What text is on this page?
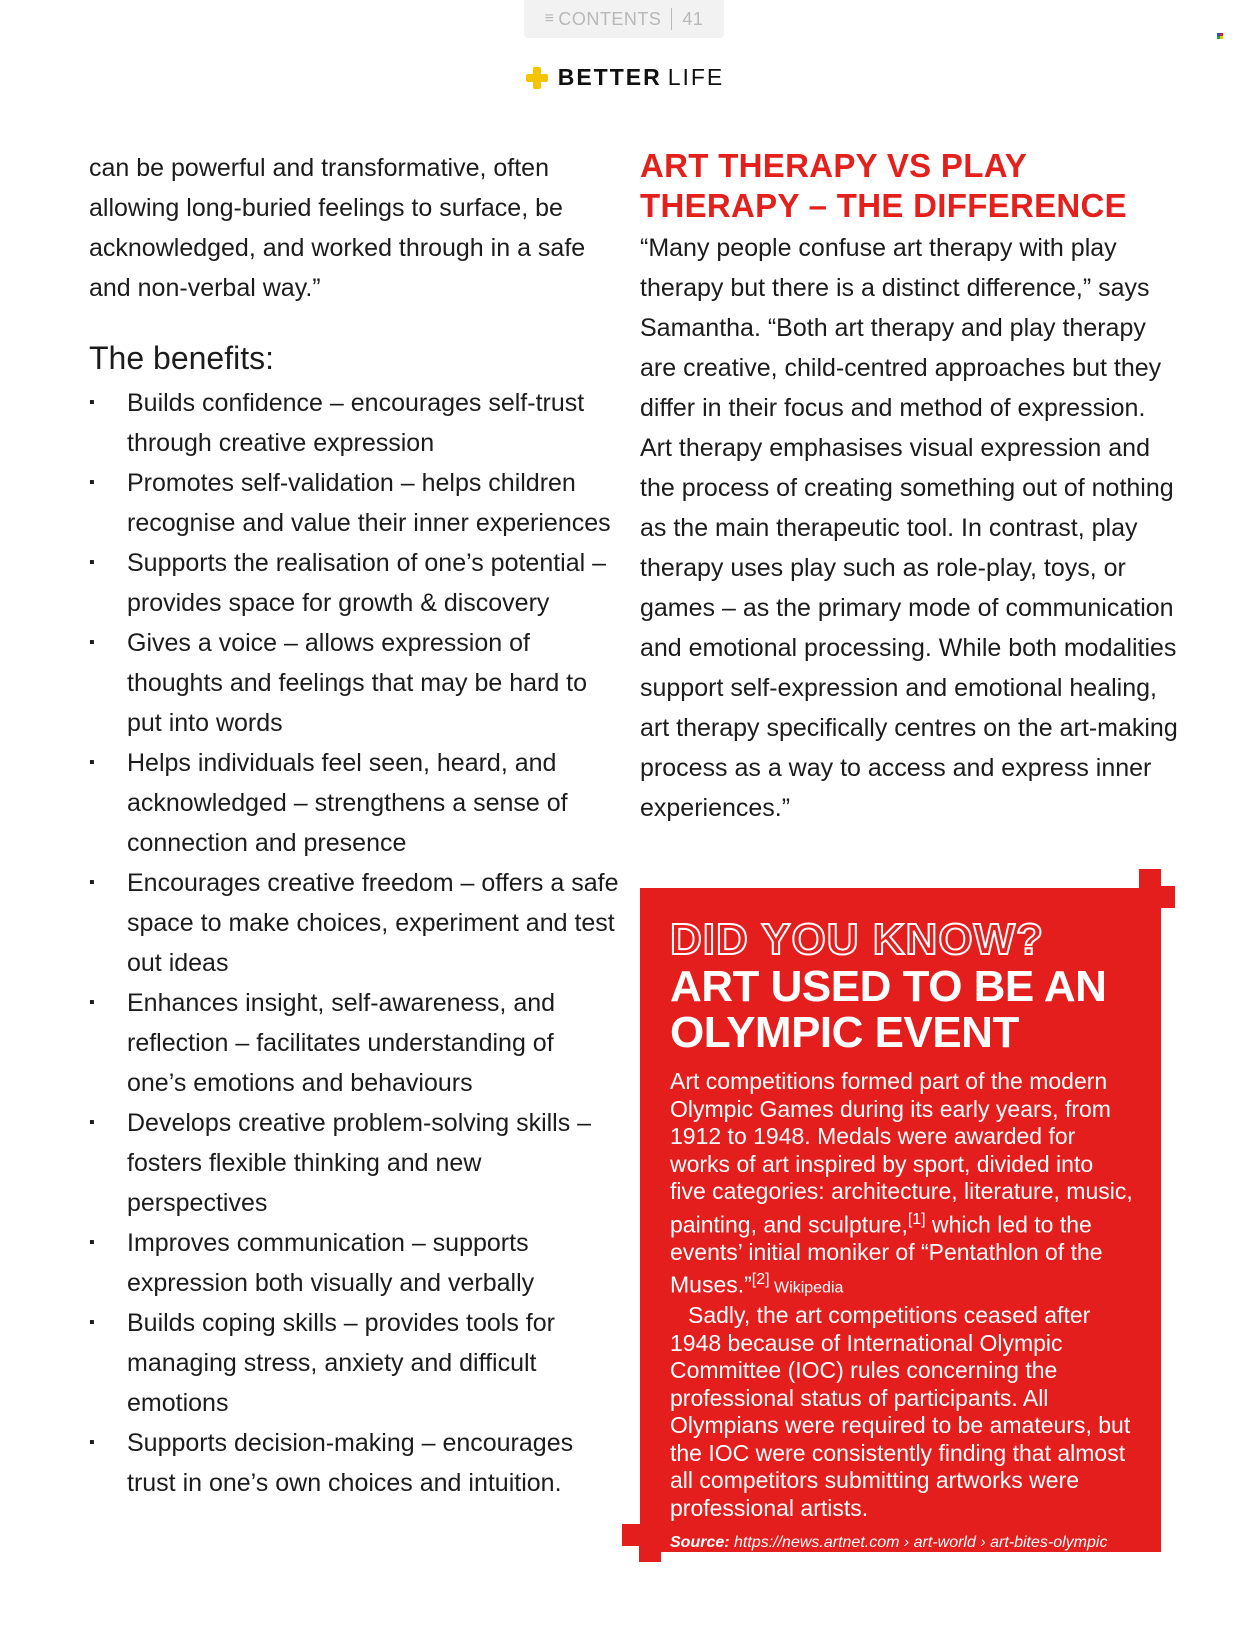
≡ CONTENTS 41
BETTER LIFE

can be powerful and transformative, often allowing long-buried feelings to surface, be acknowledged, and worked through in a safe and non-verbal way.”

The benefits:
▪ Builds confidence – encourages self-trust through creative expression
▪ Promotes self-validation – helps children recognise and value their inner experiences
▪ Supports the realisation of one’s potential – provides space for growth & discovery
▪ Gives a voice – allows expression of thoughts and feelings that may be hard to put into words
▪ Helps individuals feel seen, heard, and acknowledged – strengthens a sense of connection and presence
▪ Encourages creative freedom – offers a safe space to make choices, experiment and test out ideas
▪ Enhances insight, self-awareness, and reflection – facilitates understanding of one’s emotions and behaviours
▪ Develops creative problem-solving skills – fosters flexible thinking and new perspectives
▪ Improves communication – supports expression both visually and verbally
▪ Builds coping skills – provides tools for managing stress, anxiety and difficult emotions
▪ Supports decision-making – encourages trust in one’s own choices and intuition.
ART THERAPY VS PLAY
THERAPY – THE DIFFERENCE

“Many people confuse art therapy with play therapy but there is a distinct difference,” says Samantha. “Both art therapy and play therapy are creative, child-centred approaches but they differ in their focus and method of expression. Art therapy emphasises visual expression and the process of creating something out of nothing as the main therapeutic tool. In contrast, play therapy uses play such as role-play, toys, or games – as the primary mode of communication and emotional processing. While both modalities support self-expression and emotional healing, art therapy specifically centres on the art-making process as a way to access and express inner experiences.”

DID YOU KNOW?
ART USED TO BE AN
OLYMPIC EVENT

Art competitions formed part of the modern Olympic Games during its early years, from 1912 to 1948. Medals were awarded for works of art inspired by sport, divided into five categories: architecture, literature, music, painting, and sculpture,[1] which led to the events’ initial moniker of “Pentathlon of the Muses.”[2] Wikipedia

Sadly, the art competitions ceased after 1948 because of International Olympic Committee (IOC) rules concerning the professional status of participants. All Olympians were required to be amateurs, but the IOC were consistently finding that almost all competitors submitting artworks were professional artists.

Source: https://news.artnet.com › art-world › art-bites-olympic
